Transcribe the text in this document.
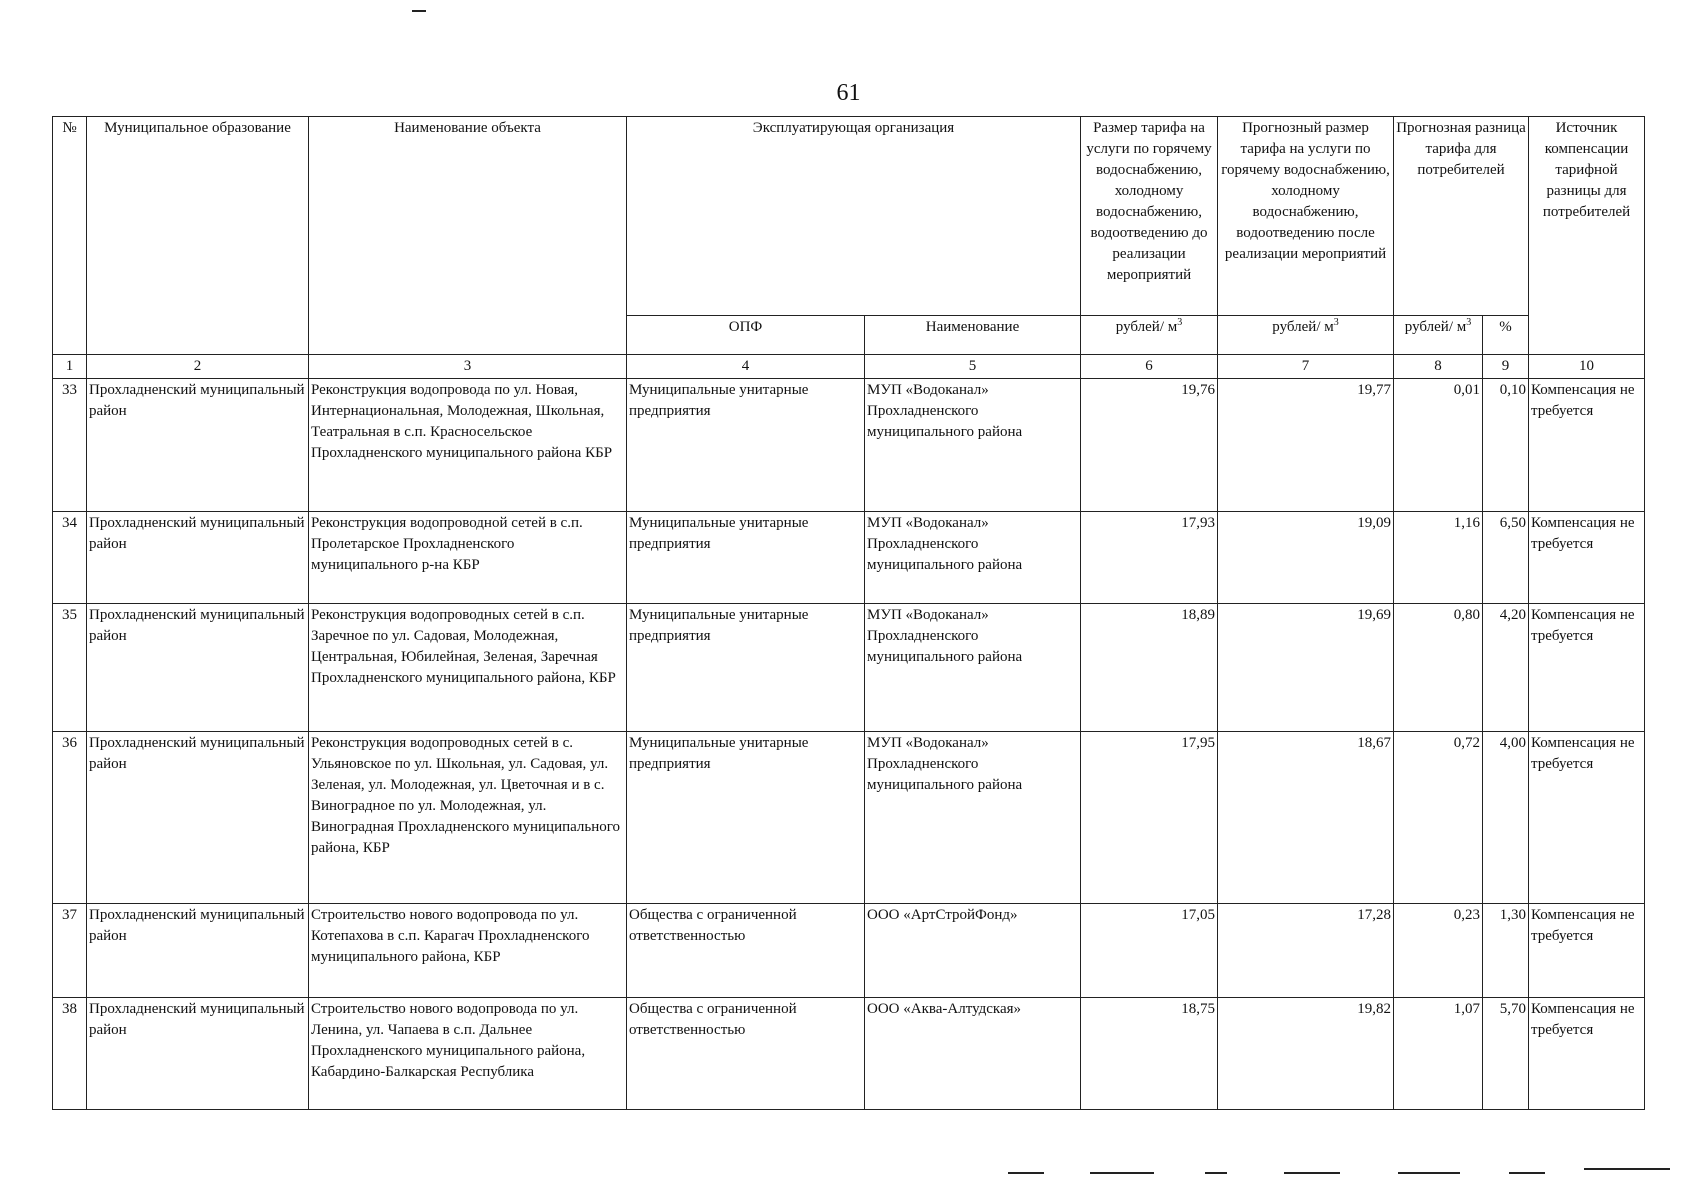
61
№	Муниципальное образование	Наименование объекта	Эксплуатирующая организация		Размер тарифа на услуги по горячему водоснабжению, холодному водоснабжению, водоотведению до реализации мероприятий	Прогнозный размер тарифа на услуги по горячему водоснабжению, холодному водоснабжению, водоотведению после реализации мероприятий	Прогнозная разница тарифа для потребителей		Источник компенсации тарифной разницы для потребителей
			ОПФ	Наименование	рублей/ $м^3$	рублей/ $м^3$	рублей/ $м^3$	%	
1	2	3	4	5	6	7	8	9	10
33	Прохладненский муниципальный район	Реконструкция водопровода по ул. Новая, Интернациональная, Молодежная, Школьная, Театральная в с.п. Красносельское Прохладненского муниципального района КБР	Муниципальные унитарные предприятия	МУП «Водоканал» Прохладненского муниципального района	19,76	19,77	0,01	0,10	Компенсация не требуется
34	Прохладненский муниципальный район	Реконструкция водопроводной сетей в с.п. Пролетарское Прохладненского муниципального р-на КБР	Муниципальные унитарные предприятия	МУП «Водоканал» Прохладненского муниципального района	17,93	19,09	1,16	6,50	Компенсация не требуется
35	Прохладненский муниципальный район	Реконструкция водопроводных сетей в с.п. Заречное по ул. Садовая, Молодежная, Центральная, Юбилейная, Зеленая, Заречная Прохладненского муниципального района, КБР	Муниципальные унитарные предприятия	МУП «Водоканал» Прохладненского муниципального района	18,89	19,69	0,80	4,20	Компенсация не требуется
36	Прохладненский муниципальный район	Реконструкция водопроводных сетей в с. Ульяновское по ул. Школьная, ул. Садовая, ул. Зеленая, ул. Молодежная, ул. Цветочная и в с. Виноградное по ул. Молодежная, ул. Виноградная Прохладненского муниципального района, КБР	Муниципальные унитарные предприятия	МУП «Водоканал» Прохладненского муниципального района	17,95	18,67	0,72	4,00	Компенсация не требуется
37	Прохладненский муниципальный район	Строительство нового водопровода по ул. Котепахова в с.п. Карагач Прохладненского муниципального района, КБР	Общества с ограниченной ответственностью	ООО «АртСтройФонд»	17,05	17,28	0,23	1,30	Компенсация не требуется
38	Прохладненский муниципальный район	Строительство нового водопровода по ул. Ленина, ул. Чапаева в с.п. Дальнее Прохладненского муниципального района, Кабардино-Балкарская Республика	Общества с ограниченной ответственностью	ООО «Аква-Алтудская»	18,75	19,82	1,07	5,70	Компенсация не требуется
